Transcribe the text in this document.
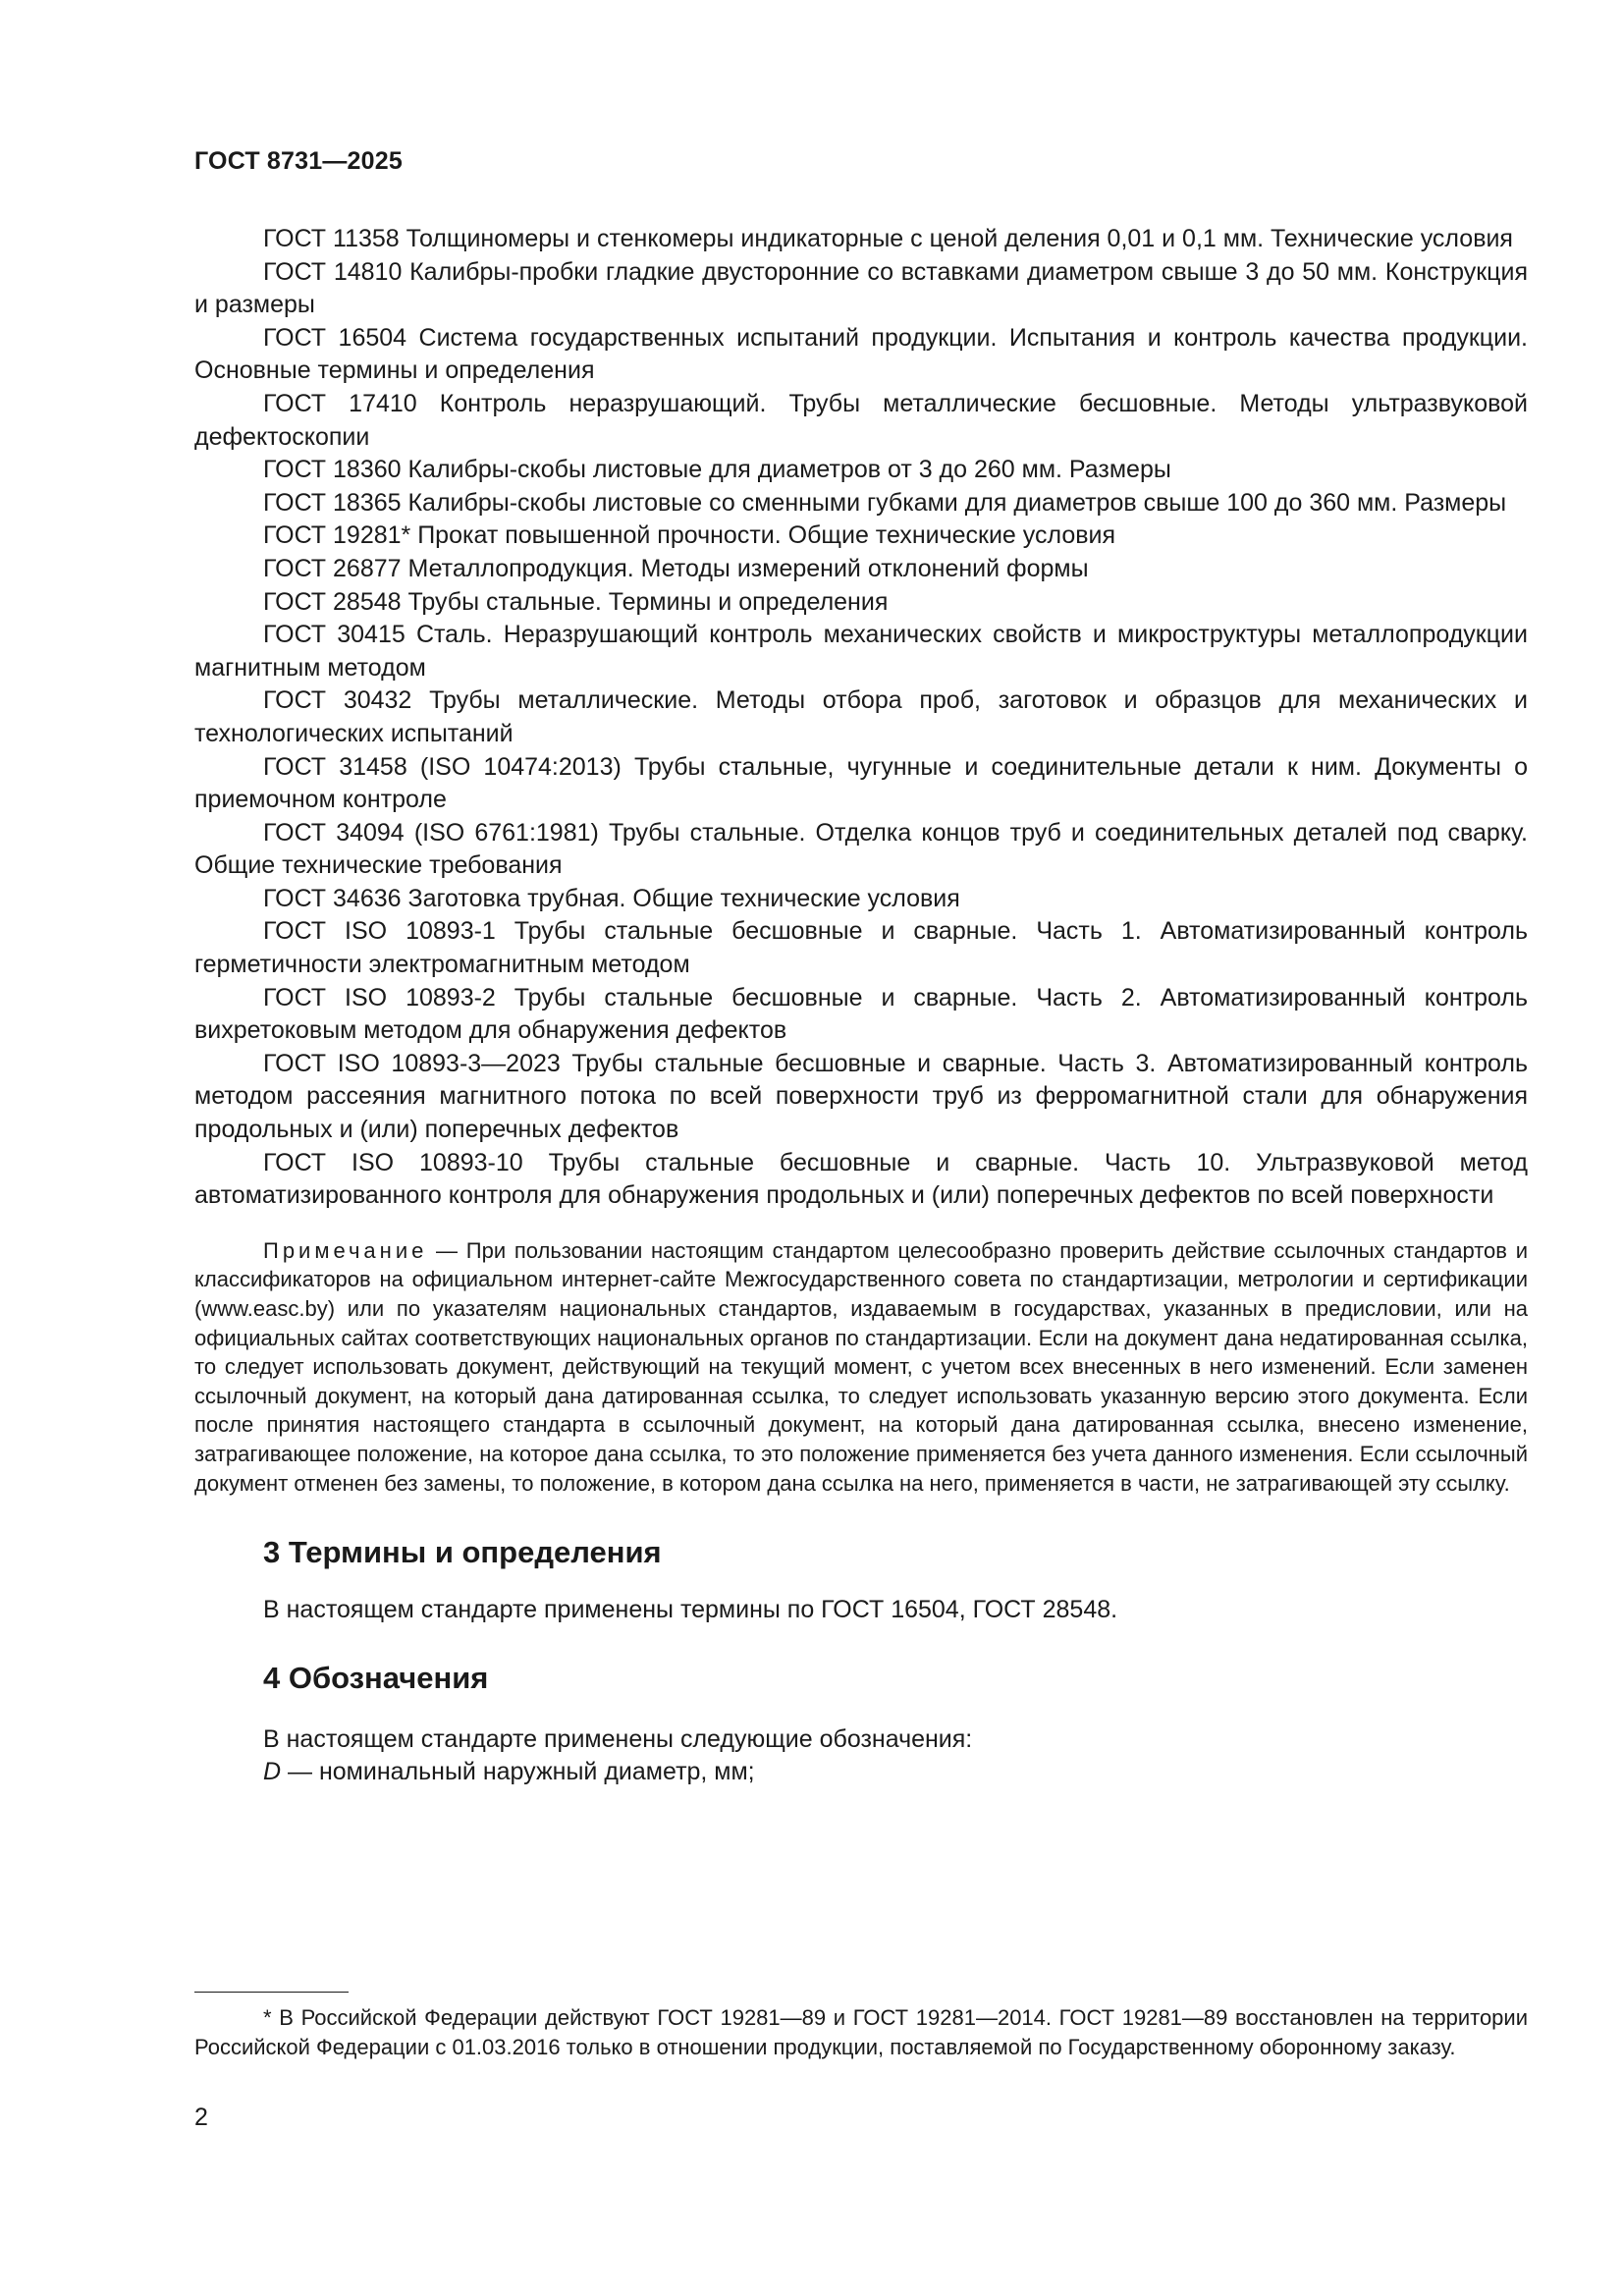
ГОСТ 8731—2025

ГОСТ 11358 Толщиномеры и стенкомеры индикаторные с ценой деления 0,01 и 0,1 мм. Технические условия

ГОСТ 14810 Калибры-пробки гладкие двусторонние со вставками диаметром свыше 3 до 50 мм. Конструкция и размеры

ГОСТ 16504 Система государственных испытаний продукции. Испытания и контроль качества продукции. Основные термины и определения

ГОСТ 17410 Контроль неразрушающий. Трубы металлические бесшовные. Методы ультразвуковой дефектоскопии

ГОСТ 18360 Калибры-скобы листовые для диаметров от 3 до 260 мм. Размеры

ГОСТ 18365 Калибры-скобы листовые со сменными губками для диаметров свыше 100 до 360 мм. Размеры

ГОСТ 19281* Прокат повышенной прочности. Общие технические условия

ГОСТ 26877 Металлопродукция. Методы измерений отклонений формы

ГОСТ 28548 Трубы стальные. Термины и определения

ГОСТ 30415 Сталь. Неразрушающий контроль механических свойств и микроструктуры металлопродукции магнитным методом

ГОСТ 30432 Трубы металлические. Методы отбора проб, заготовок и образцов для механических и технологических испытаний

ГОСТ 31458 (ISO 10474:2013) Трубы стальные, чугунные и соединительные детали к ним. Документы о приемочном контроле

ГОСТ 34094 (ISO 6761:1981) Трубы стальные. Отделка концов труб и соединительных деталей под сварку. Общие технические требования

ГОСТ 34636 Заготовка трубная. Общие технические условия

ГОСТ ISO 10893-1 Трубы стальные бесшовные и сварные. Часть 1. Автоматизированный контроль герметичности электромагнитным методом

ГОСТ ISO 10893-2 Трубы стальные бесшовные и сварные. Часть 2. Автоматизированный контроль вихретоковым методом для обнаружения дефектов

ГОСТ ISO 10893-3—2023 Трубы стальные бесшовные и сварные. Часть 3. Автоматизированный контроль методом рассеяния магнитного потока по всей поверхности труб из ферромагнитной стали для обнаружения продольных и (или) поперечных дефектов

ГОСТ ISO 10893-10 Трубы стальные бесшовные и сварные. Часть 10. Ультразвуковой метод автоматизированного контроля для обнаружения продольных и (или) поперечных дефектов по всей поверхности

Примечание — При пользовании настоящим стандартом целесообразно проверить действие ссылочных стандартов и классификаторов на официальном интернет-сайте Межгосударственного совета по стандартизации, метрологии и сертификации (www.easc.by) или по указателям национальных стандартов, издаваемым в государствах, указанных в предисловии, или на официальных сайтах соответствующих национальных органов по стандартизации. Если на документ дана недатированная ссылка, то следует использовать документ, действующий на текущий момент, с учетом всех внесенных в него изменений. Если заменен ссылочный документ, на который дана датированная ссылка, то следует использовать указанную версию этого документа. Если после принятия настоящего стандарта в ссылочный документ, на который дана датированная ссылка, внесено изменение, затрагивающее положение, на которое дана ссылка, то это положение применяется без учета данного изменения. Если ссылочный документ отменен без замены, то положение, в котором дана ссылка на него, применяется в части, не затрагивающей эту ссылку.

3 Термины и определения

В настоящем стандарте применены термины по ГОСТ 16504, ГОСТ 28548.

4 Обозначения

В настоящем стандарте применены следующие обозначения:

D — номинальный наружный диаметр, мм;

* В Российской Федерации действуют ГОСТ 19281—89 и ГОСТ 19281—2014. ГОСТ 19281—89 восстановлен на территории Российской Федерации с 01.03.2016 только в отношении продукции, поставляемой по Государственному оборонному заказу.

2
